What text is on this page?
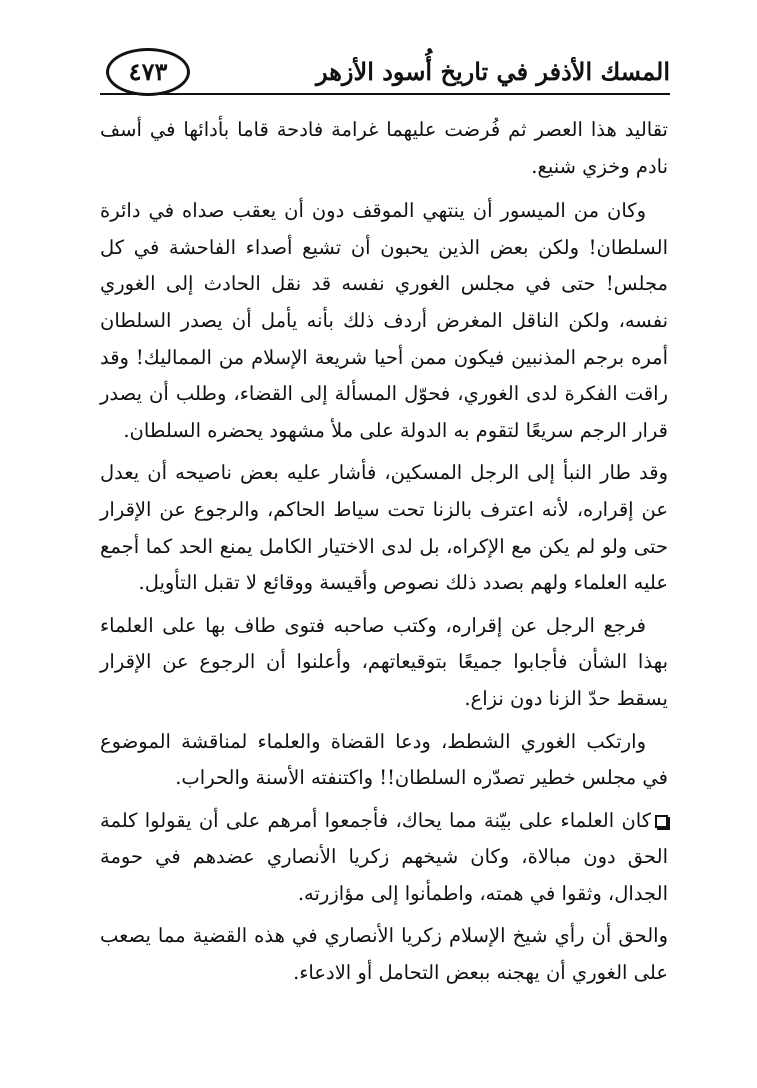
المسك الأذفر في تاريخ أُسود الأزهر
٤٧٣

تقاليد هذا العصر ثم فُرضت عليهما غرامة فادحة قاما بأدائها في أسف نادم وخزي شنيع.

وكان من الميسور أن ينتهي الموقف دون أن يعقب صداه في دائرة السلطان! ولكن بعض الذين يحبون أن تشيع أصداء الفاحشة في كل مجلس! حتى في مجلس الغوري نفسه قد نقل الحادث إلى الغوري نفسه، ولكن الناقل المغرض أردف ذلك بأنه يأمل أن يصدر السلطان أمره برجم المذنبين فيكون ممن أحيا شريعة الإسلام من المماليك! وقد راقت الفكرة لدى الغوري، فحوّل المسألة إلى القضاء، وطلب أن يصدر قرار الرجم سريعًا لتقوم به الدولة على ملأ مشهود يحضره السلطان.

وقد طار النبأ إلى الرجل المسكين، فأشار عليه بعض ناصيحه أن يعدل عن إقراره، لأنه اعترف بالزنا تحت سياط الحاكم، والرجوع عن الإقرار حتى ولو لم يكن مع الإكراه، بل لدى الاختيار الكامل يمنع الحد كما أجمع عليه العلماء ولهم بصدد ذلك نصوص وأقيسة ووقائع لا تقبل التأويل.

فرجع الرجل عن إقراره، وكتب صاحبه فتوى طاف بها على العلماء بهذا الشأن فأجابوا جميعًا بتوقيعاتهم، وأعلنوا أن الرجوع عن الإقرار يسقط حدّ الزنا دون نزاع.

وارتكب الغوري الشطط، ودعا القضاة والعلماء لمناقشة الموضوع في مجلس خطير تصدّره السلطان!! واكتنفته الأسنة والحراب.

كان العلماء على بيّنة مما يحاك، فأجمعوا أمرهم على أن يقولوا كلمة الحق دون مبالاة، وكان شيخهم زكريا الأنصاري عضدهم في حومة الجدال، وثقوا في همته، واطمأنوا إلى مؤازرته.

والحق أن رأي شيخ الإسلام زكريا الأنصاري في هذه القضية مما يصعب على الغوري أن يهجنه ببعض التحامل أو الادعاء.
